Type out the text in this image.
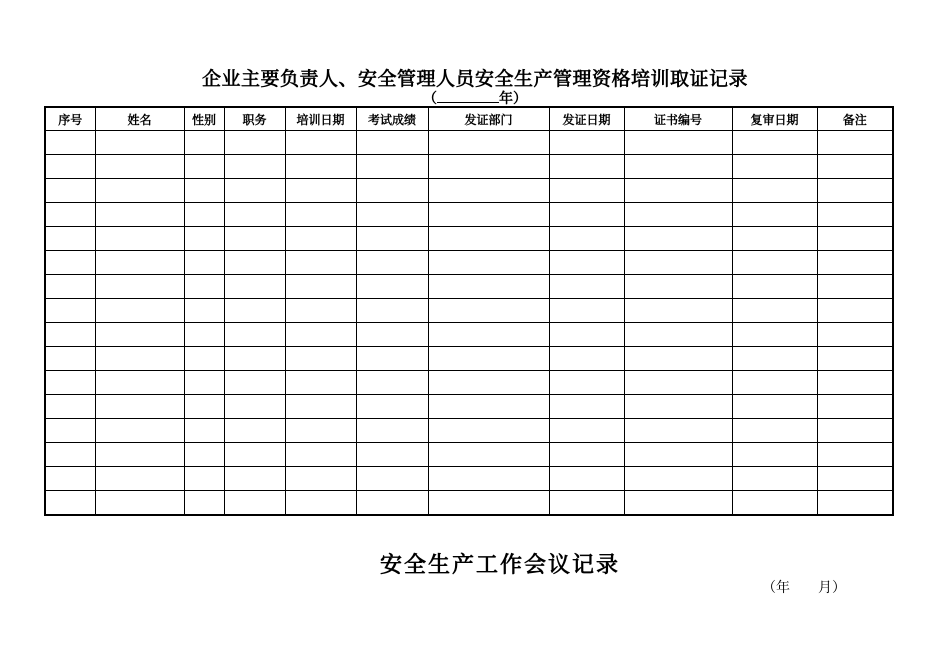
企业主要负责人、安全管理人员安全生产管理资格培训取证记录
（	年）
序号	姓名	性别	职务	培训日期	考试成绩	发证部门	发证日期	证书编号	复审日期	备注

安全生产工作会议记录
（年　　月）
